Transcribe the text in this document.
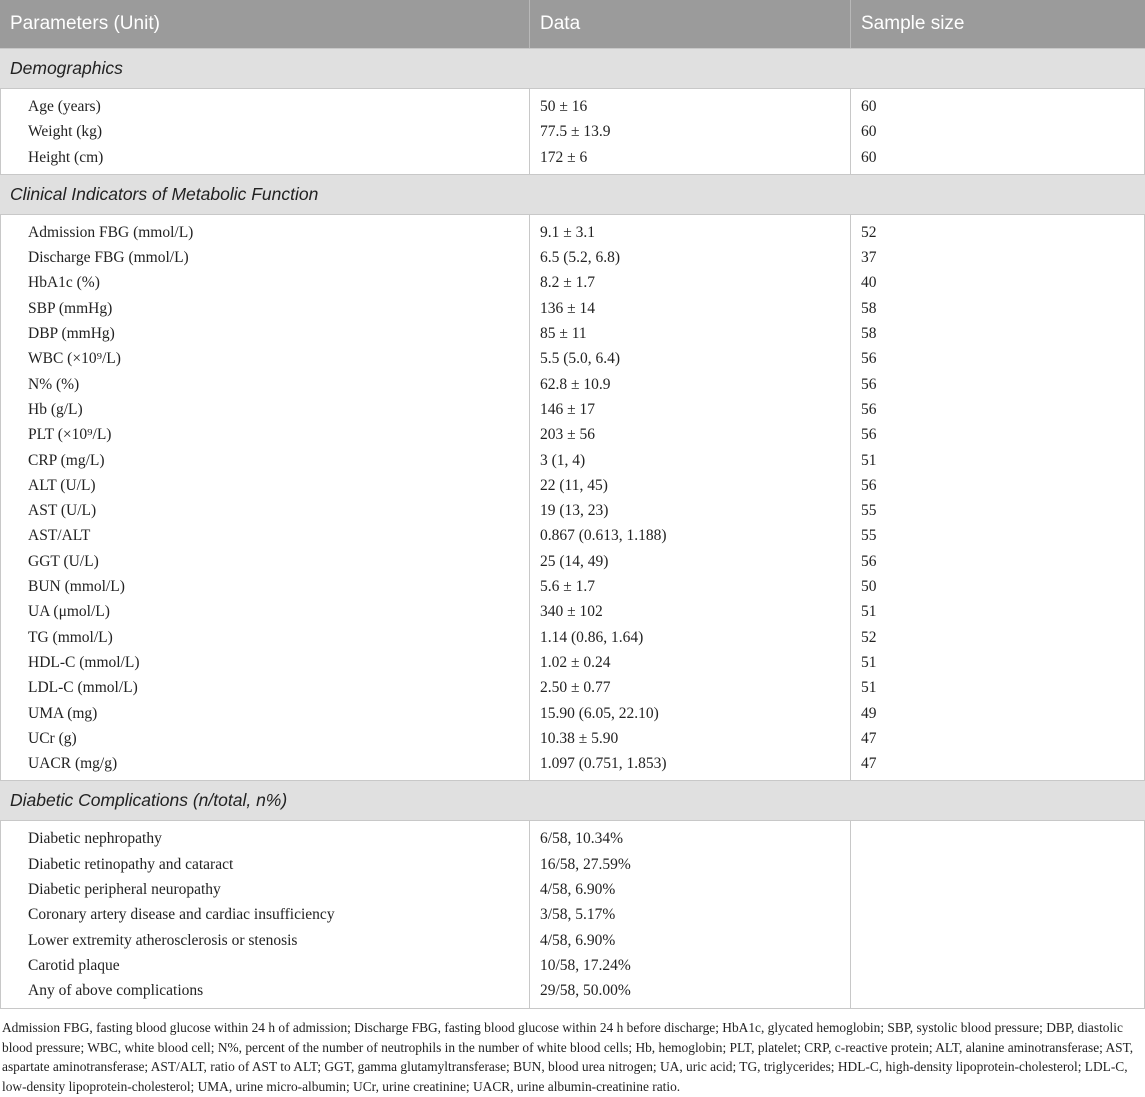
Parameters (Unit)	Data	Sample size
Demographics
Age (years)
Weight (kg)
Height (cm)
50 ± 16
77.5 ± 13.9
172 ± 6
60
60
60
Clinical Indicators of Metabolic Function
Admission FBG (mmol/L)
Discharge FBG (mmol/L)
HbA1c (%)
SBP (mmHg)
DBP (mmHg)
WBC (×10⁹/L)
N% (%)
Hb (g/L)
PLT (×10⁹/L)
CRP (mg/L)
ALT (U/L)
AST (U/L)
AST/ALT
GGT (U/L)
BUN (mmol/L)
UA (μmol/L)
TG (mmol/L)
HDL-C (mmol/L)
LDL-C (mmol/L)
UMA (mg)
UCr (g)
UACR (mg/g)
9.1 ± 3.1
6.5 (5.2, 6.8)
8.2 ± 1.7
136 ± 14
85 ± 11
5.5 (5.0, 6.4)
62.8 ± 10.9
146 ± 17
203 ± 56
3 (1, 4)
22 (11, 45)
19 (13, 23)
0.867 (0.613, 1.188)
25 (14, 49)
5.6 ± 1.7
340 ± 102
1.14 (0.86, 1.64)
1.02 ± 0.24
2.50 ± 0.77
15.90 (6.05, 22.10)
10.38 ± 5.90
1.097 (0.751, 1.853)
52
37
40
58
58
56
56
56
56
51
56
55
55
56
50
51
52
51
51
49
47
47
Diabetic Complications (n/total, n%)
Diabetic nephropathy
Diabetic retinopathy and cataract
Diabetic peripheral neuropathy
Coronary artery disease and cardiac insufficiency
Lower extremity atherosclerosis or stenosis
Carotid plaque
Any of above complications
6/58, 10.34%
16/58, 27.59%
4/58, 6.90%
3/58, 5.17%
4/58, 6.90%
10/58, 17.24%
29/58, 50.00%
Admission FBG, fasting blood glucose within 24 h of admission; Discharge FBG, fasting blood glucose within 24 h before discharge; HbA1c, glycated hemoglobin; SBP, systolic blood pressure; DBP, diastolic blood pressure; WBC, white blood cell; N%, percent of the number of neutrophils in the number of white blood cells; Hb, hemoglobin; PLT, platelet; CRP, c-reactive protein; ALT, alanine aminotransferase; AST, aspartate aminotransferase; AST/ALT, ratio of AST to ALT; GGT, gamma glutamyltransferase; BUN, blood urea nitrogen; UA, uric acid; TG, triglycerides; HDL-C, high-density lipoprotein-cholesterol; LDL-C, low-density lipoprotein-cholesterol; UMA, urine micro-albumin; UCr, urine creatinine; UACR, urine albumin-creatinine ratio.
